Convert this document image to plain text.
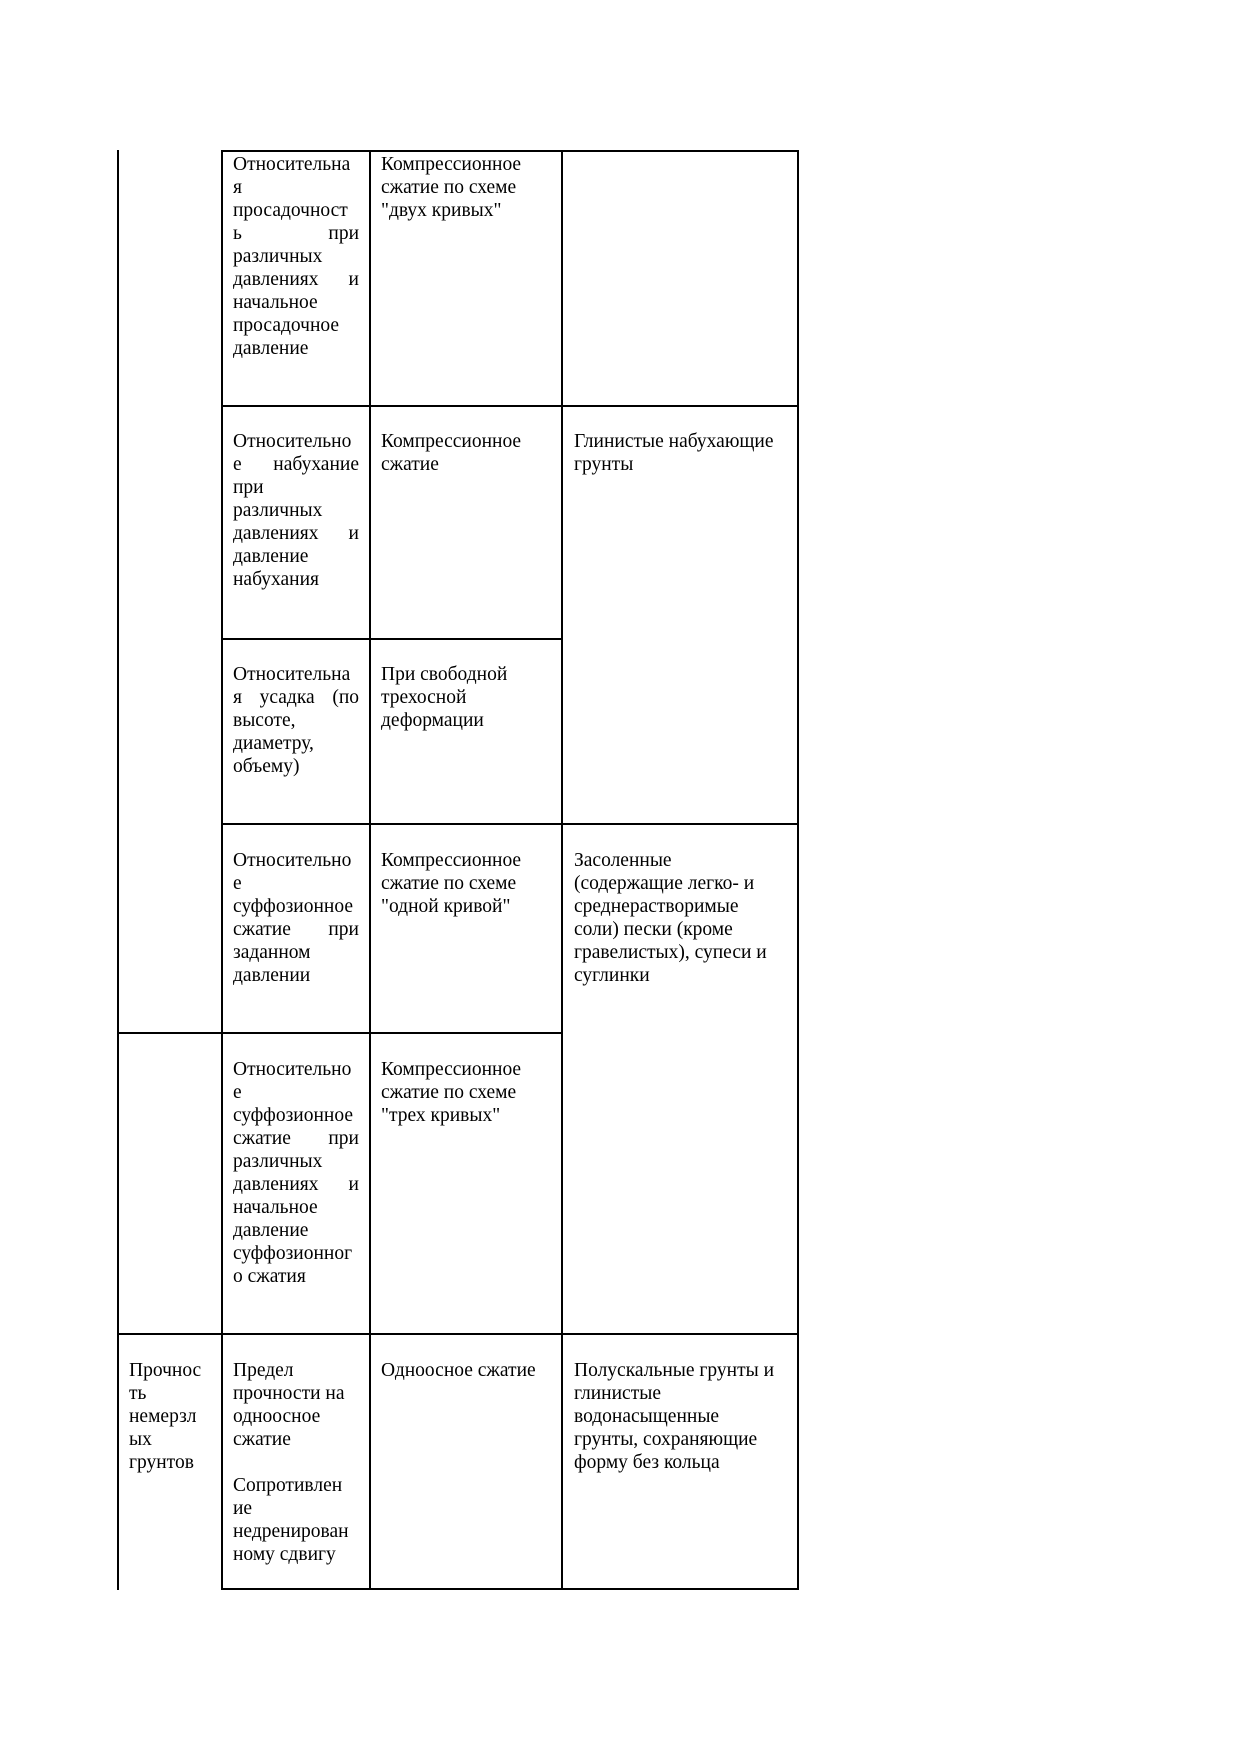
Относительна
я
просадочност
ь при
различных
давлениях и
начальное
просадочное
давление
Компрессионное
сжатие по схеме
"двух кривых"
Относительно
е набухание
при
различных
давлениях и
давление
набухания
Компрессионное
сжатие
Глинистые набухающие
грунты
Относительна
я усадка (по
высоте,
диаметру,
объему)
При свободной
трехосной
деформации
Относительно
е
суффозионное
сжатие при
заданном
давлении
Компрессионное
сжатие по схеме
"одной кривой"
Засоленные
(содержащие легко- и
среднерастворимые
соли) пески (кроме
гравелистых), супеси и
суглинки
Относительно
е
суффозионное
сжатие при
различных
давлениях и
начальное
давление
суффозионног
о сжатия
Компрессионное
сжатие по схеме
"трех кривых"
Прочнос
ть
немерзл
ых
грунтов
Предел
прочности на
одноосное
сжатие
Сопротивлен
ие
недренирован
ному сдвигу
Одноосное сжатие	Полускальные грунты и
глинистые
водонасыщенные
грунты, сохраняющие
форму без кольца
